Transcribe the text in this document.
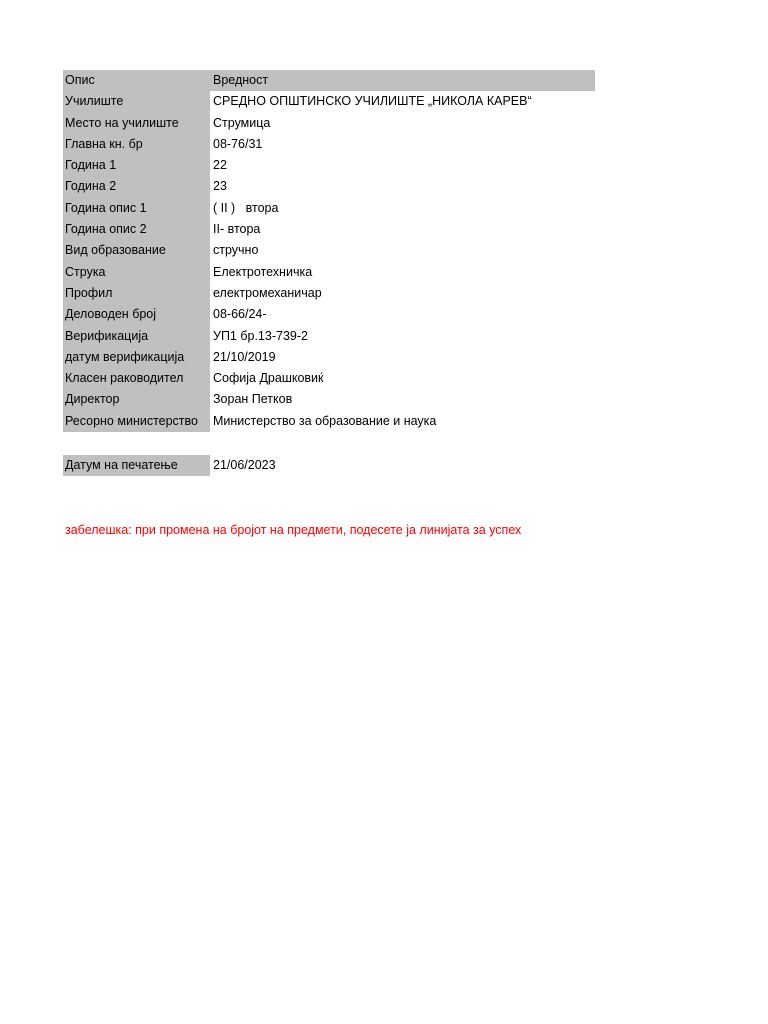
Опис	Вредност
Училиште	СРЕДНО ОПШТИНСКО УЧИЛИШТЕ „НИКОЛА КАРЕВ“
Место на училиште	Струмица
Главна кн. бр	08-76/31
Година 1	22
Година 2	23
Година опис 1	( II )   втора
Година опис 2	II- втора
Вид образование	стручно
Струка	Електротехничка
Профил	електромеханичар
Деловоден број	08-66/24-
Верификација	УП1 бр.13-739-2
датум верификација	21/10/2019
Класен раководител	Софија Драшковиќ
Директор	Зоран Петков
Ресорно министерство	Министерство за образование и наука
Датум на печатење	21/06/2023
забелешка: при промена на бројот на предмети, подесете ја линијата за успех
